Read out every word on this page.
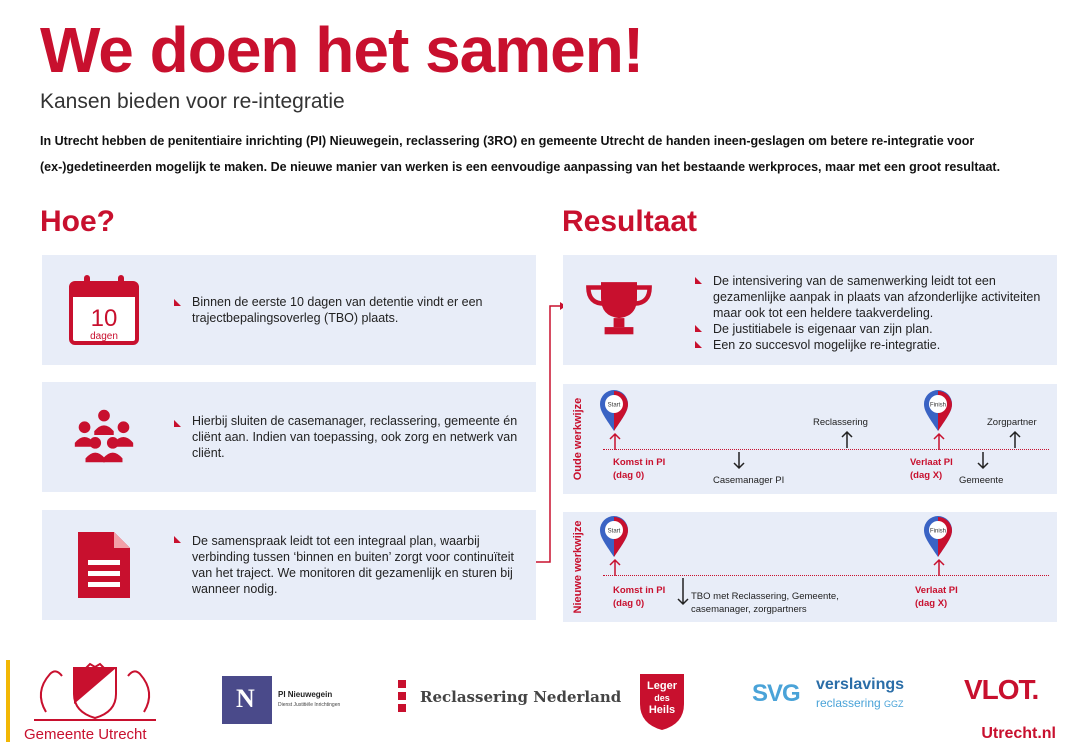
We doen het samen!
Kansen bieden voor re-integratie
In Utrecht hebben de penitentiaire inrichting (PI) Nieuwegein, reclassering (3RO) en gemeente Utrecht de handen ineen-geslagen om betere re-integratie voor (ex-)gedetineerden mogelijk te maken. De nieuwe manier van werken is een eenvoudige aanpassing van het bestaande werkproces, maar met een groot resultaat.
Hoe?	Resultaat
10
dagen
Binnen de eerste 10 dagen van detentie vindt er een trajectbepalingsoverleg (TBO) plaats.
Hierbij sluiten de casemanager, reclassering, gemeente én cliënt aan. Indien van toepassing, ook zorg en netwerk van cliënt.
De samenspraak leidt tot een integraal plan, waarbij verbinding tussen ‘binnen en buiten’ zorgt voor continuïteit van het traject. We monitoren dit gezamenlijk en sturen bij wanneer nodig.
De intensivering van de samenwerking leidt tot een gezamenlijke aanpak in plaats van afzonderlijke activiteiten maar ook tot een heldere taakverdeling.
De justitiabele is eigenaar van zijn plan.
Een zo succesvol mogelijke re-integratie.
Oude werkwijze	Start	Finish
Komst in PI
(dag 0)
Verlaat PI
(dag X)
Casemanager PI
Reclassering
Gemeente
Zorgpartner
Nieuwe werkwijze	Start	Finish
Komst in PI
(dag 0)
Verlaat PI
(dag X)
TBO met Reclassering, Gemeente,
casemanager, zorgpartners
Gemeente Utrecht
N	PI Nieuwegein
Dienst Justitiële Inrichtingen	Reclassering Nederland
Leger
des
Heils
SVG verslavings
reclassering GGZ VLOT.
Utrecht.nl
